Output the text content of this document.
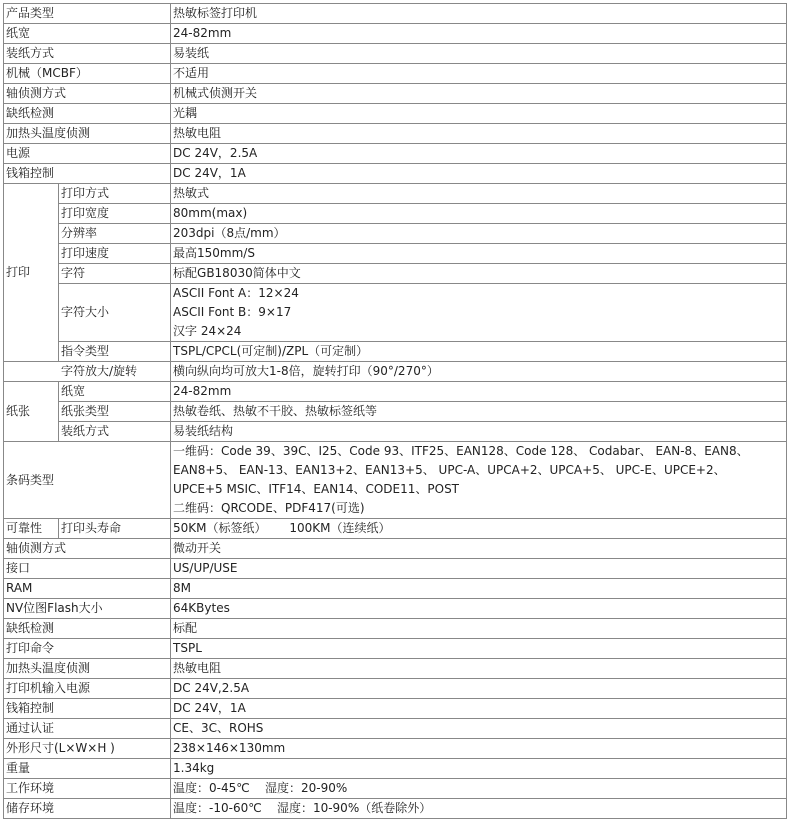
产品类型		热敏标签打印机
纸宽		24-82mm
装纸方式		易装纸
机械（MCBF）		不适用
轴侦测方式		机械式侦测开关
缺纸检测		光耦
加热头温度侦测		热敏电阻
电源		DC 24V，2.5A
钱箱控制		DC 24V，1A
打印	打印方式	热敏式
	打印宽度	80mm(max)
	分辨率	203dpi（8点/mm）
	打印速度	最高150mm/S
	字符	标配GB18030简体中文
	字符大小	ASCII Font A：12×24
ASCII Font B：9×17
汉字 24×24

	指令类型	TSPL/CPCL(可定制)/ZPL（可定制）
字符放大/旋转		横向纵向均可放大1-8倍，旋转打印（90°/270°）
纸张	纸宽	24-82mm
	纸张类型	热敏卷纸、热敏不干胶、热敏标签纸等
	装纸方式	易装纸结构
条码类型		一维码：Code 39、39C、I25、Code 93、ITF25、EAN128、Code 128、 Codabar、 EAN-8、EAN8、
EAN8+5、 EAN-13、EAN13+2、EAN13+5、 UPC-A、UPCA+2、UPCA+5、 UPC-E、UPCE+2、
UPCE+5 MSIC、ITF14、EAN14、CODE11、POST
二维码：QRCODE、PDF417(可选)

可靠性	打印头寿命	50KM（标签纸）      100KM（连续纸）
轴侦测方式		微动开关
接口		US/UP/USE
RAM		8M
NV位图Flash大小		64KBytes
缺纸检测		标配
打印命令		TSPL
加热头温度侦测		热敏电阻
打印机输入电源		DC 24V,2.5A
钱箱控制		DC 24V，1A
通过认证		CE、3C、ROHS
外形尺寸(L×W×H )		238×146×130mm
重量		1.34kg
工作环境		温度：0-45℃    湿度：20-90%
储存环境		温度：-10-60℃    湿度：10-90%（纸卷除外）
